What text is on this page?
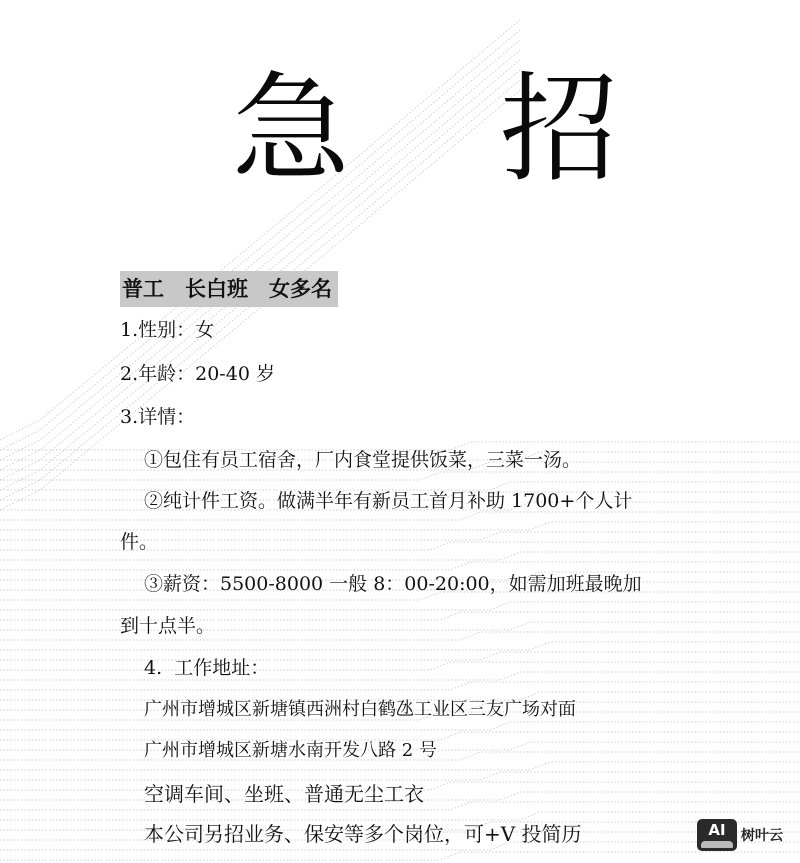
急 招
普工　长白班　女多名
1.性别：女
2.年龄：20-40 岁
3.详情：
①包住有员工宿舍，厂内食堂提供饭菜，三菜一汤。
②纯计件工资。做满半年有新员工首月补助 1700+个人计
件。
③薪资：5500-8000 一般 8：00-20:00，如需加班最晚加
到十点半。
4.  工作地址：
广州市增城区新塘镇西洲村白鹤氹工业区三友广场对面
广州市增城区新塘水南开发八路 2 号
空调车间、坐班、普通无尘工衣
本公司另招业务、保安等多个岗位，可+V 投简历	AI 树叶云
